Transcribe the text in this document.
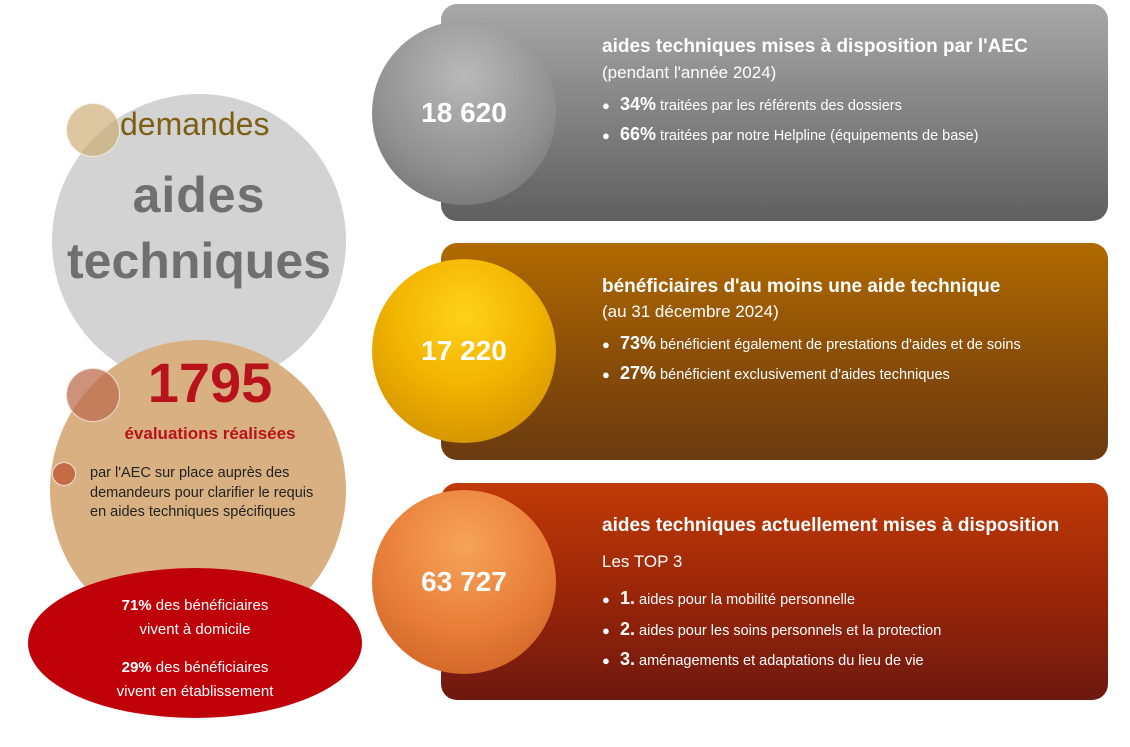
demandes
aides
techniques
1795
évaluations réalisées
par l'AEC sur place auprès des demandeurs pour clarifier le requis en aides techniques spécifiques
71% des bénéficiaires
vivent à domicile
29% des bénéficiaires
vivent en établissement
18 620
aides techniques mises à disposition par l'AEC
(pendant l'année 2024)
● 34% traitées par les référents des dossiers
● 66% traitées par notre Helpline (équipements de base)
17 220
bénéficiaires d'au moins une aide technique
(au 31 décembre 2024)
● 73% bénéficient également de prestations d'aides et de soins
● 27% bénéficient exclusivement d'aides techniques
63 727
aides techniques actuellement mises à disposition
Les TOP 3
● 1. aides pour la mobilité personnelle
● 2. aides pour les soins personnels et la protection
● 3. aménagements et adaptations du lieu de vie
